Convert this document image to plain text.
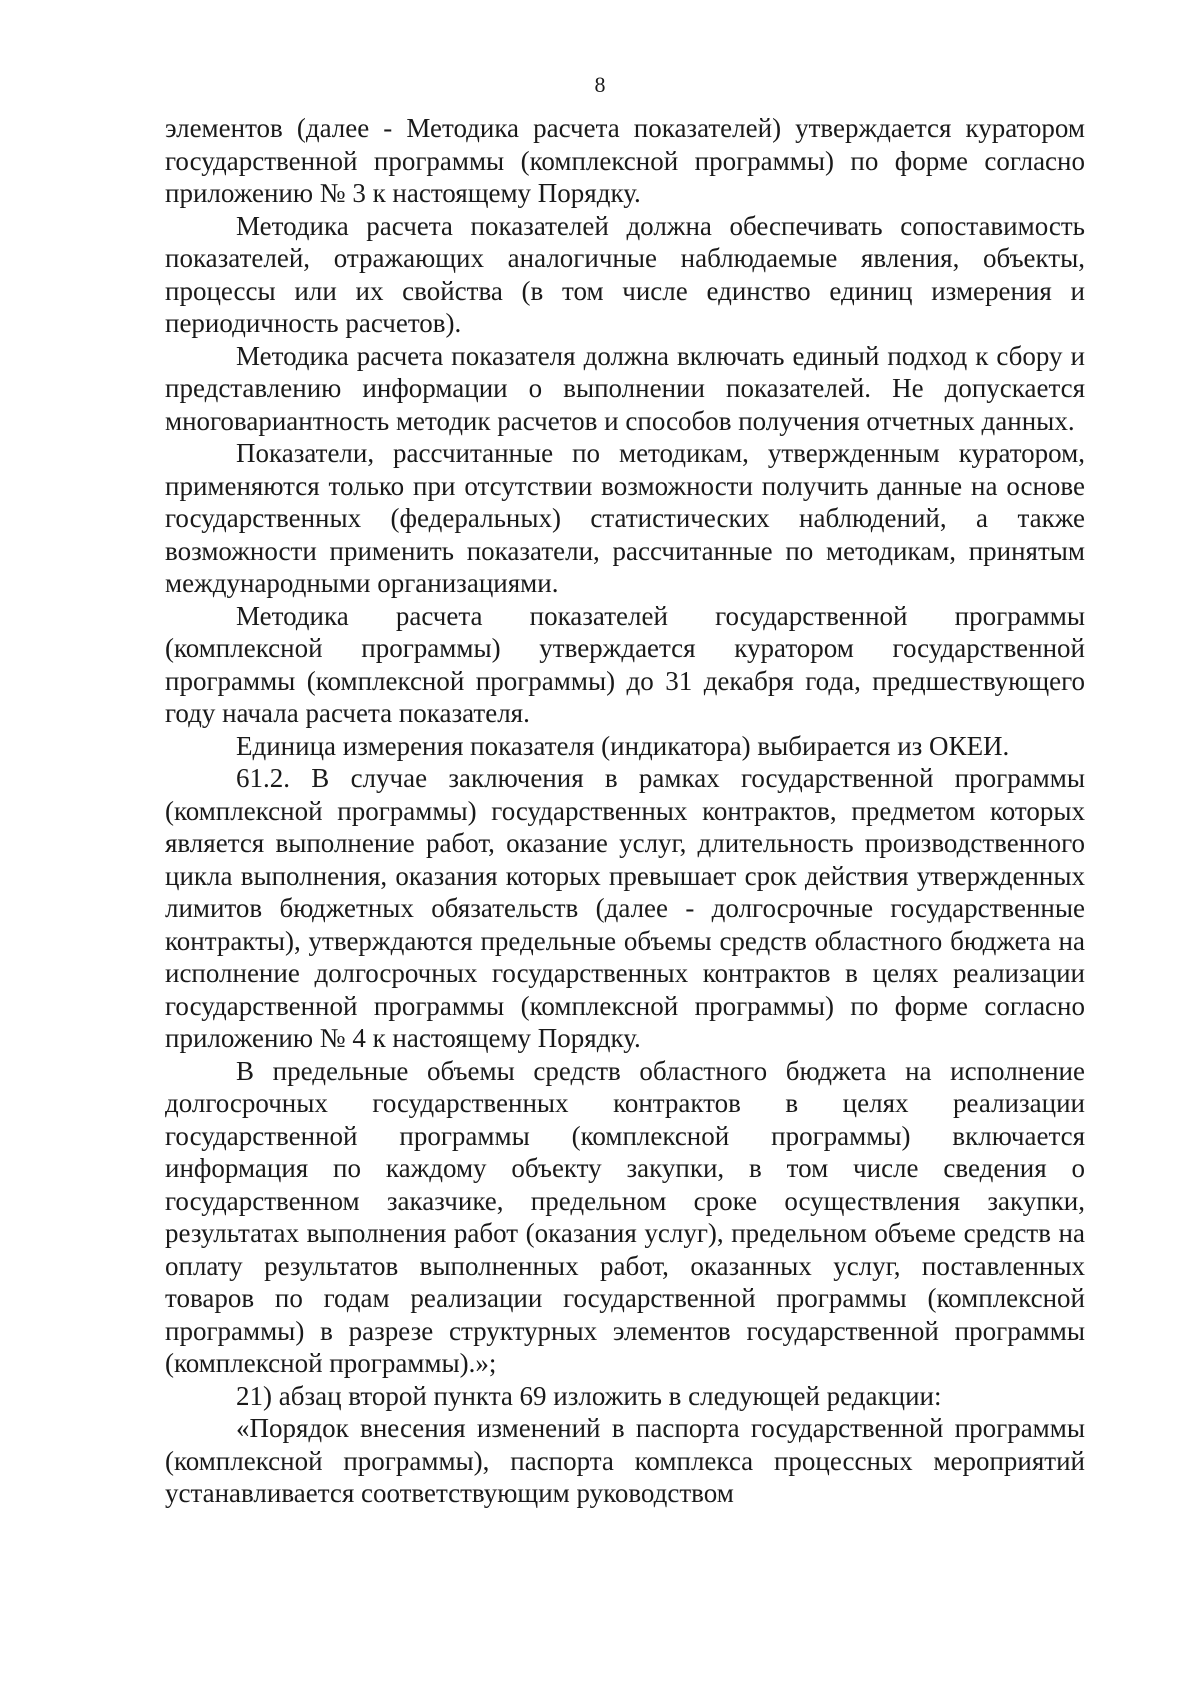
8

элементов (далее - Методика расчета показателей) утверждается куратором государственной программы (комплексной программы) по форме согласно приложению № 3 к настоящему Порядку.

Методика расчета показателей должна обеспечивать сопоставимость показателей, отражающих аналогичные наблюдаемые явления, объекты, процессы или их свойства (в том числе единство единиц измерения и периодичность расчетов).

Методика расчета показателя должна включать единый подход к сбору и представлению информации о выполнении показателей. Не допускается многовариантность методик расчетов и способов получения отчетных данных.

Показатели, рассчитанные по методикам, утвержденным куратором, применяются только при отсутствии возможности получить данные на основе государственных (федеральных) статистических наблюдений, а также возможности применить показатели, рассчитанные по методикам, принятым международными организациями.

Методика расчета показателей государственной программы (комплексной программы) утверждается куратором государственной программы (комплексной программы) до 31 декабря года, предшествующего году начала расчета показателя.

Единица измерения показателя (индикатора) выбирается из ОКЕИ.

61.2. В случае заключения в рамках государственной программы (комплексной программы) государственных контрактов, предметом которых является выполнение работ, оказание услуг, длительность производственного цикла выполнения, оказания которых превышает срок действия утвержденных лимитов бюджетных обязательств (далее - долгосрочные государственные контракты), утверждаются предельные объемы средств областного бюджета на исполнение долгосрочных государственных контрактов в целях реализации государственной программы (комплексной программы) по форме согласно приложению № 4 к настоящему Порядку.

В предельные объемы средств областного бюджета на исполнение долгосрочных государственных контрактов в целях реализации государственной программы (комплексной программы) включается информация по каждому объекту закупки, в том числе сведения о государственном заказчике, предельном сроке осуществления закупки, результатах выполнения работ (оказания услуг), предельном объеме средств на оплату результатов выполненных работ, оказанных услуг, поставленных товаров по годам реализации государственной программы (комплексной программы) в разрезе структурных элементов государственной программы (комплексной программы).»;

21) абзац второй пункта 69 изложить в следующей редакции:

«Порядок внесения изменений в паспорта государственной программы (комплексной программы), паспорта комплекса процессных мероприятий устанавливается соответствующим руководством
